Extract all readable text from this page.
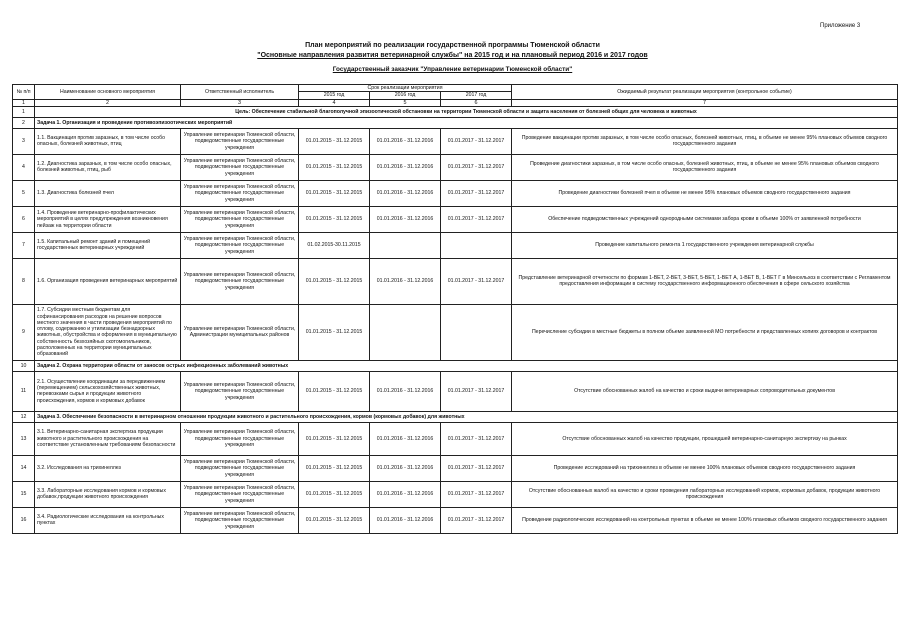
Приложение 3
План мероприятий по реализации государственной программы Тюменской области
"Основные направления развития ветеринарной службы" на 2015 год и на плановый период 2016 и 2017 годов
Государственный заказчик "Управление ветеринарии Тюменской области"
№ п/п	Наименование основного мероприятия	Ответственный исполнитель	Срок реализации мероприятия			Ожидаемый результат реализации мероприятия (контрольное событие)
			2015 год	2016 год	2017 год	
1	2	3	4	5	6	7
1	Цель: Обеспечение стабильной благополучной эпизоотической обстановки на территории Тюменской области и защита населения от болезней общих для человека и животных					
2	Задача 1. Организация и проведение противоэпизоотических мероприятий					
3	1.1. Вакцинация против заразных, в том числе особо опасных, болезней животных, птиц	Управление ветеринарии Тюменской области, подведомственные государственные учреждения	01.01.2015 - 31.12.2015	01.01.2016 - 31.12.2016	01.01.2017 - 31.12.2017	Проведение вакцинации против заразных, в том числе особо опасных, болезней животных, птиц, в объеме не менее 95% плановых объемов сводного государственного задания
4	1.2. Диагностика заразных, в том числе особо опасных, болезней животных, птиц, рыб	Управление ветеринарии Тюменской области, подведомственные государственные учреждения	01.01.2015 - 31.12.2015	01.01.2016 - 31.12.2016	01.01.2017 - 31.12.2017	Проведение диагностики заразных, в том числе особо опасных, болезней животных, птиц, в объеме не менее 95% плановых объемов сводного государственного задания
5	1.3. Диагностика болезней пчел	Управление ветеринарии Тюменской области, подведомственные государственные учреждения	01.01.2015 - 31.12.2015	01.01.2016 - 31.12.2016	01.01.2017 - 31.12.2017	Проведение диагностики болезней пчел в объеме не менее 95% плановых объемов сводного государственного задания
6	1.4. Проведение ветеринарно-профилактических мероприятий в целях предупреждения возникновения пейзаж на территории области	Управление ветеринарии Тюменской области, подведомственные государственные учреждения	01.01.2015 - 31.12.2015	01.01.2016 - 31.12.2016	01.01.2017 - 31.12.2017	Обеспечение подведомственных учреждений однородными системами забора крови в объеме 100% от заявленной потребности
7	1.5. Капитальный ремонт зданий и помещений государственных ветеринарных учреждений	Управление ветеринарии Тюменской области, подведомственные государственные учреждения	01.02.2015-30.11.2015			Проведение капитального ремонта 1 государственного учреждения ветеринарной службы
8	1.6. Организация проведения ветеринарных мероприятий	Управление ветеринарии Тюменской области, подведомственные государственные учреждения	01.01.2015 - 31.12.2015	01.01.2016 - 31.12.2016	01.01.2017 - 31.12.2017	Представление ветеринарной отчетности по формам 1-ВЕТ, 2-ВЕТ, 3-ВЕТ, 5-ВЕТ, 1-ВЕТ А, 1-ВЕТ В, 1-ВЕТ Г в Минсельхоз в соответствии с Регламентом предоставления информации в систему государственного информационного обеспечения в сфере сельского хозяйства
9	1.7. Субсидии местным бюджетам для софинансирования расходов на решение вопросов местного значения в части проведения мероприятий по отлову, содержанию и утилизации безнадзорных животных, обустройства и оформления в муниципальную собственность безхозяйных скотомогильников, расположенных на территории муниципальных образований	Управление ветеринарии Тюменской области, Администрации муниципальных районов	01.01.2015 - 31.12.2015			Перечисление субсидии в местные бюджеты в полном объеме заявленной МО потребности и представленных копиях договоров и контрактов
10	Задача 2. Охрана территории области от заносов острых инфекционных заболеваний животных					
11	2.1. Осуществление координации за передвижением (перемещением) сельскохозяйственных животных, перевозками сырья и продукции животного происхождения, кормов и кормовых добавок	Управление ветеринарии Тюменской области, подведомственные государственные учреждения	01.01.2015 - 31.12.2015	01.01.2016 - 31.12.2016	01.01.2017 - 31.12.2017	Отсутствие обоснованных жалоб на качество и сроки выдачи ветеринарных сопроводительных документов
12	Задача 3. Обеспечение безопасности в ветеринарном отношении продукции животного и растительного происхождения, кормов (кормовых добавок) для животных					
13	3.1. Ветеринарно-санитарная экспертиза продукции животного и растительного происхождения на соответствие установленным требованиям безопасности	Управление ветеринарии Тюменской области, подведомственные государственные учреждения	01.01.2015 - 31.12.2015	01.01.2016 - 31.12.2016	01.01.2017 - 31.12.2017	Отсутствие обоснованных жалоб на качество продукции, прошедшей ветеринарно-санитарную экспертизу на рынках
14	3.2. Исследования на трихинеллез	Управление ветеринарии Тюменской области, подведомственные государственные учреждения	01.01.2015 - 31.12.2015	01.01.2016 - 31.12.2016	01.01.2017 - 31.12.2017	Проведение исследований на трихинеллез в объеме не менее 100% плановых объемов сводного государственного задания
15	3.3. Лабораторные исследования кормов и кормовых добавок,продукции животного происхождения	Управление ветеринарии Тюменской области, подведомственные государственные учреждения	01.01.2015 - 31.12.2015	01.01.2016 - 31.12.2016	01.01.2017 - 31.12.2017	Отсутствие обоснованных жалоб на качество и сроки проведения лабораторных исследований кормов, кормовых добавок, продукции животного происхождения
16	3.4. Радиологические исследования на контрольных пунктах	Управление ветеринарии Тюменской области, подведомственные государственные учреждения	01.01.2015 - 31.12.2015	01.01.2016 - 31.12.2016	01.01.2017 - 31.12.2017	Проведение радиологических исследований на контрольных пунктах в объеме не менее 100% плановых объемов сводного государственного задания
